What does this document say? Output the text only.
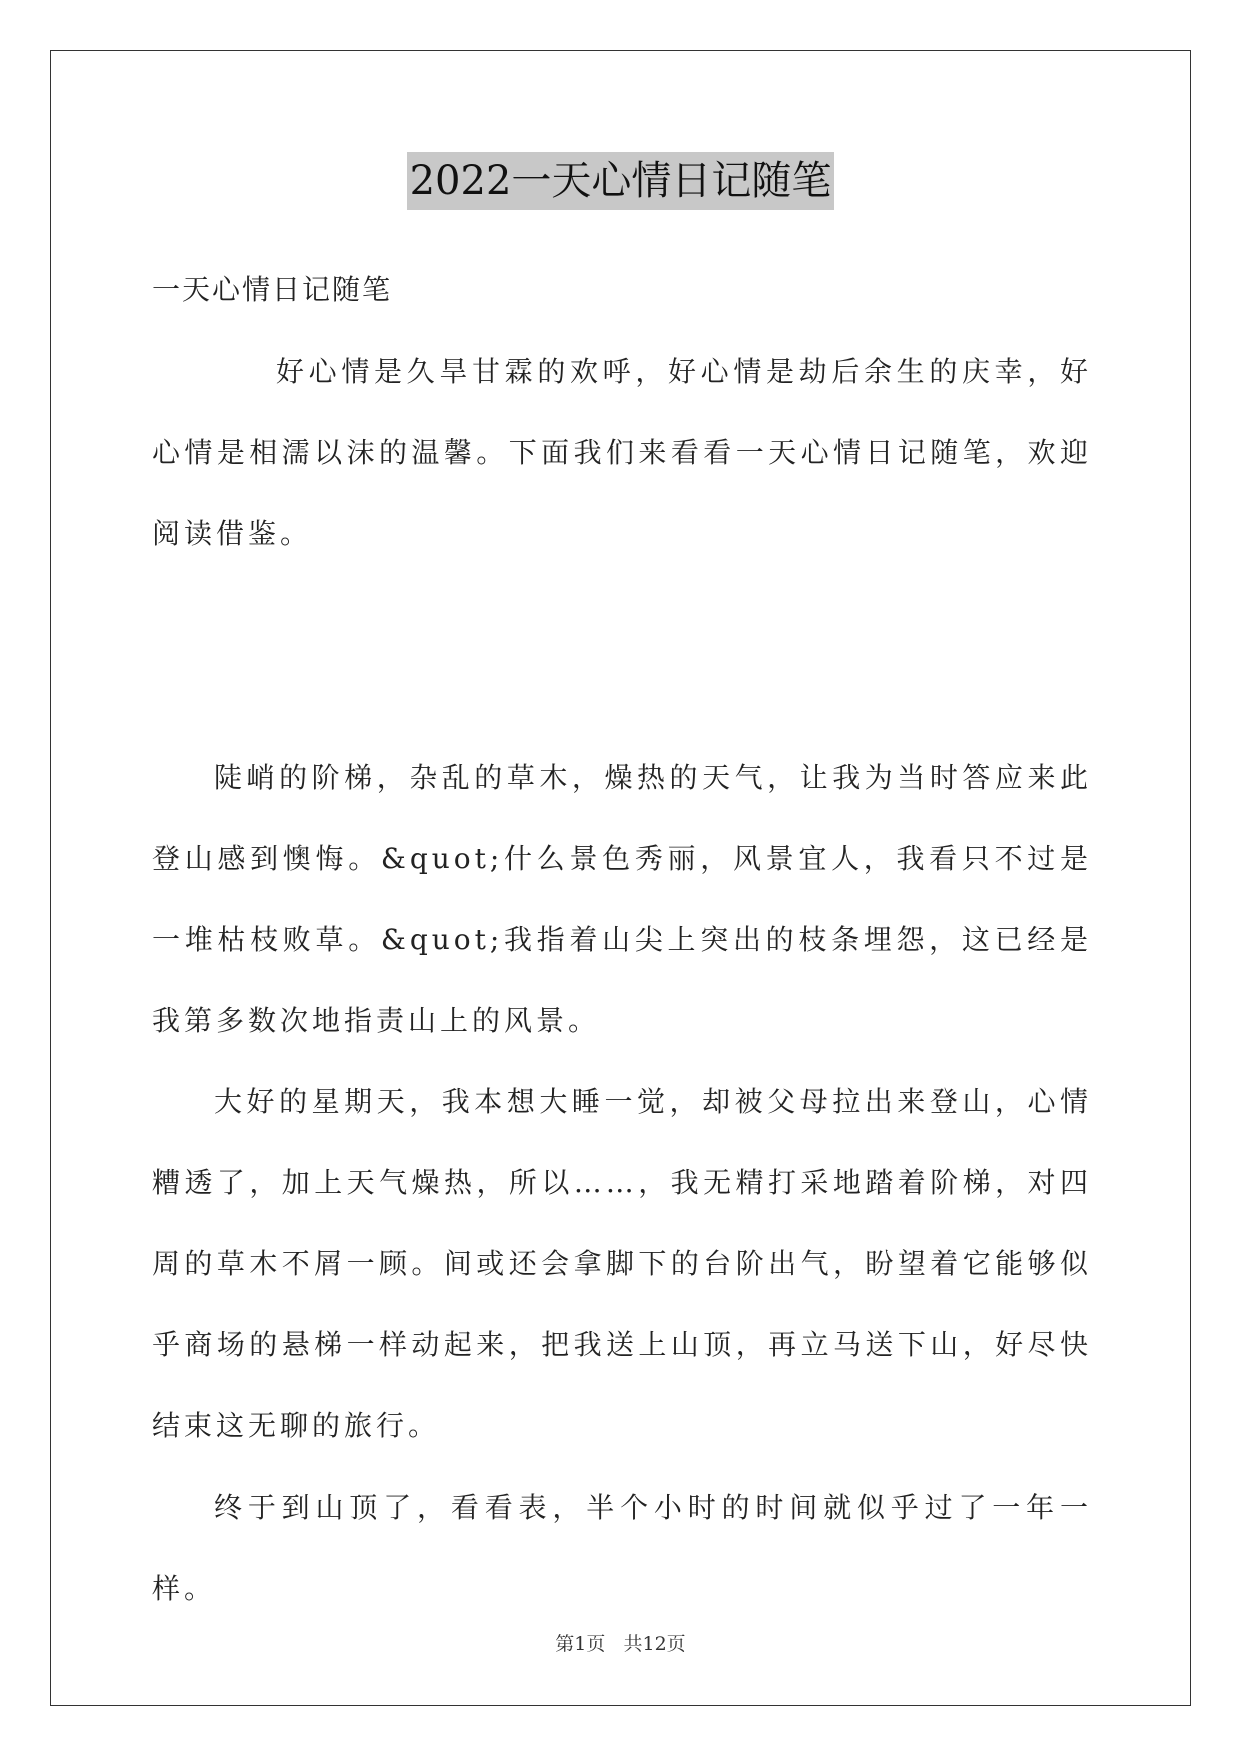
2022一天心情日记随笔
一天心情日记随笔
好心情是久旱甘霖的欢呼，好心情是劫后余生的庆幸，好心情是相濡以沫的温馨。下面我们来看看一天心情日记随笔，欢迎阅读借鉴。
陡峭的阶梯，杂乱的草木，燥热的天气，让我为当时答应来此登山感到懊悔。&quot;什么景色秀丽，风景宜人，我看只不过是一堆枯枝败草。&quot;我指着山尖上突出的枝条埋怨，这已经是我第多数次地指责山上的风景。
大好的星期天，我本想大睡一觉，却被父母拉出来登山，心情糟透了，加上天气燥热，所以……，我无精打采地踏着阶梯，对四周的草木不屑一顾。间或还会拿脚下的台阶出气，盼望着它能够似乎商场的悬梯一样动起来，把我送上山顶，再立马送下山，好尽快结束这无聊的旅行。
终于到山顶了，看看表，半个小时的时间就似乎过了一年一样。
第1页   共12页
